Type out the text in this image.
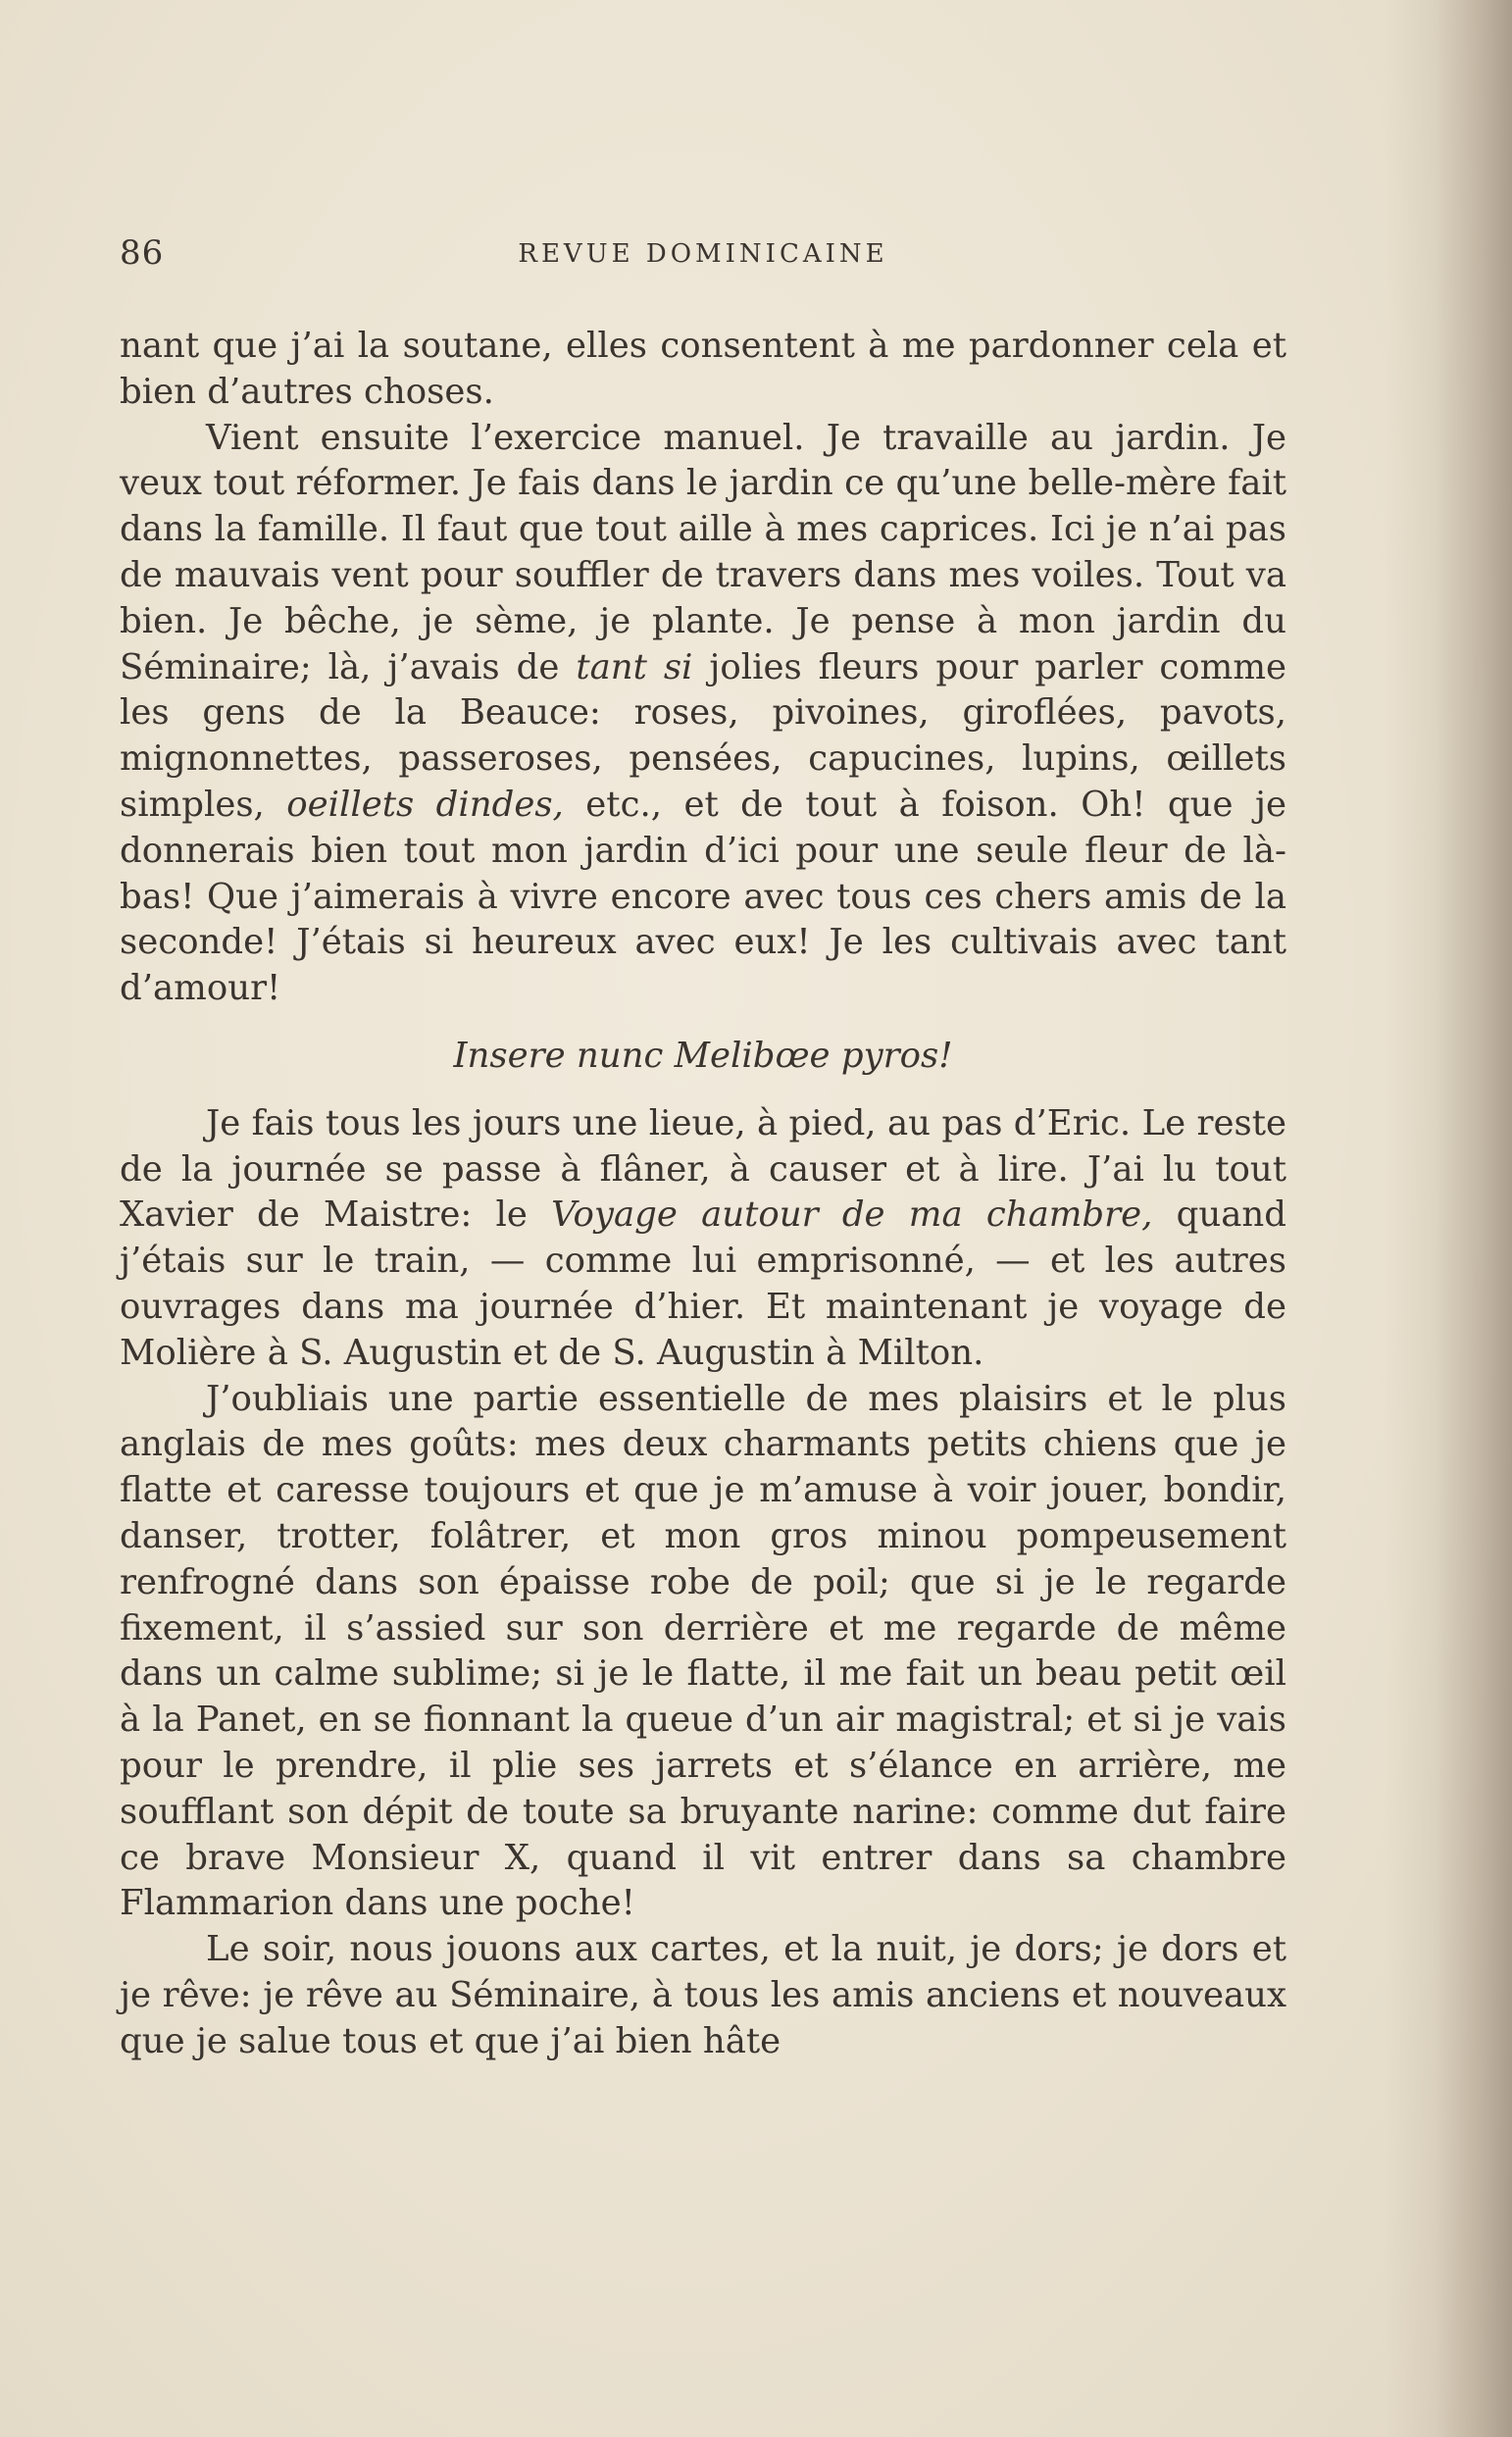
86	REVUE DOMINICAINE

nant que j’ai la soutane, elles consentent à me pardonner cela et bien d’autres choses.

Vient ensuite l’exercice manuel. Je travaille au jardin. Je veux tout réformer. Je fais dans le jardin ce qu’une belle-mère fait dans la famille. Il faut que tout aille à mes caprices. Ici je n’ai pas de mauvais vent pour souffler de travers dans mes voiles. Tout va bien. Je bêche, je sème, je plante. Je pense à mon jardin du Séminaire; là, j’avais de tant si jolies fleurs pour parler comme les gens de la Beauce: roses, pivoines, giroflées, pavots, mignonnettes, passeroses, pensées, capucines, lupins, œillets simples, oeillets dindes, etc., et de tout à foison. Oh! que je donnerais bien tout mon jardin d’ici pour une seule fleur de là-bas! Que j’aimerais à vivre encore avec tous ces chers amis de la seconde! J’étais si heureux avec eux! Je les cultivais avec tant d’amour!

Insere nunc Melibœe pyros!

Je fais tous les jours une lieue, à pied, au pas d’Eric. Le reste de la journée se passe à flâner, à causer et à lire. J’ai lu tout Xavier de Maistre: le Voyage autour de ma chambre, quand j’étais sur le train, — comme lui emprisonné, — et les autres ouvrages dans ma journée d’hier. Et maintenant je voyage de Molière à S. Augustin et de S. Augustin à Milton.

J’oubliais une partie essentielle de mes plaisirs et le plus anglais de mes goûts: mes deux charmants petits chiens que je flatte et caresse toujours et que je m’amuse à voir jouer, bondir, danser, trotter, folâtrer, et mon gros minou pompeusement renfrogné dans son épaisse robe de poil; que si je le regarde fixement, il s’assied sur son derrière et me regarde de même dans un calme sublime; si je le flatte, il me fait un beau petit œil à la Panet, en se fionnant la queue d’un air magistral; et si je vais pour le prendre, il plie ses jarrets et s’élance en arrière, me soufflant son dépit de toute sa bruyante narine: comme dut faire ce brave Monsieur X, quand il vit entrer dans sa chambre Flammarion dans une poche!

Le soir, nous jouons aux cartes, et la nuit, je dors; je dors et je rêve: je rêve au Séminaire, à tous les amis anciens et nouveaux que je salue tous et que j’ai bien hâte
